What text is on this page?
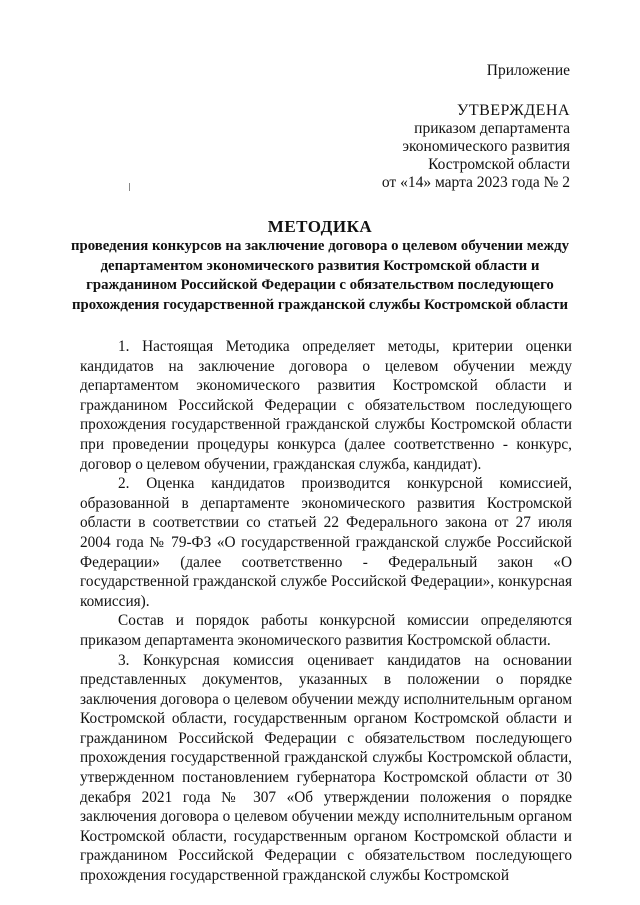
Приложение
УТВЕРЖДЕНА
приказом департамента
экономического развития
Костромской области
от «14» марта 2023 года № 2
МЕТОДИКА
проведения конкурсов на заключение договора о целевом обучении между департаментом экономического развития Костромской области и гражданином Российской Федерации с обязательством последующего прохождения государственной гражданской службы Костромской области

1. Настоящая Методика определяет методы, критерии оценки кандидатов на заключение договора о целевом обучении между департаментом экономического развития Костромской области и гражданином Российской Федерации с обязательством последующего прохождения государственной гражданской службы Костромской области при проведении процедуры конкурса (далее соответственно - конкурс, договор о целевом обучении, гражданская служба, кандидат).

2. Оценка кандидатов производится конкурсной комиссией, образованной в департаменте экономического развития Костромской области в соответствии со статьей 22 Федерального закона от 27 июля 2004 года № 79-ФЗ «О государственной гражданской службе Российской Федерации» (далее соответственно - Федеральный закон «О государственной гражданской службе Российской Федерации», конкурсная комиссия).

Состав и порядок работы конкурсной комиссии определяются приказом департамента экономического развития Костромской области.

3. Конкурсная комиссия оценивает кандидатов на основании представленных документов, указанных в положении о порядке заключения договора о целевом обучении между исполнительным органом Костромской области, государственным органом Костромской области и гражданином Российской Федерации с обязательством последующего прохождения государственной гражданской службы Костромской области, утвержденном постановлением губернатора Костромской области от 30 декабря 2021 года № 307 «Об утверждении положения о порядке заключения договора о целевом обучении между исполнительным органом Костромской области, государственным органом Костромской области и гражданином Российской Федерации с обязательством последующего прохождения государственной гражданской службы Костромской
